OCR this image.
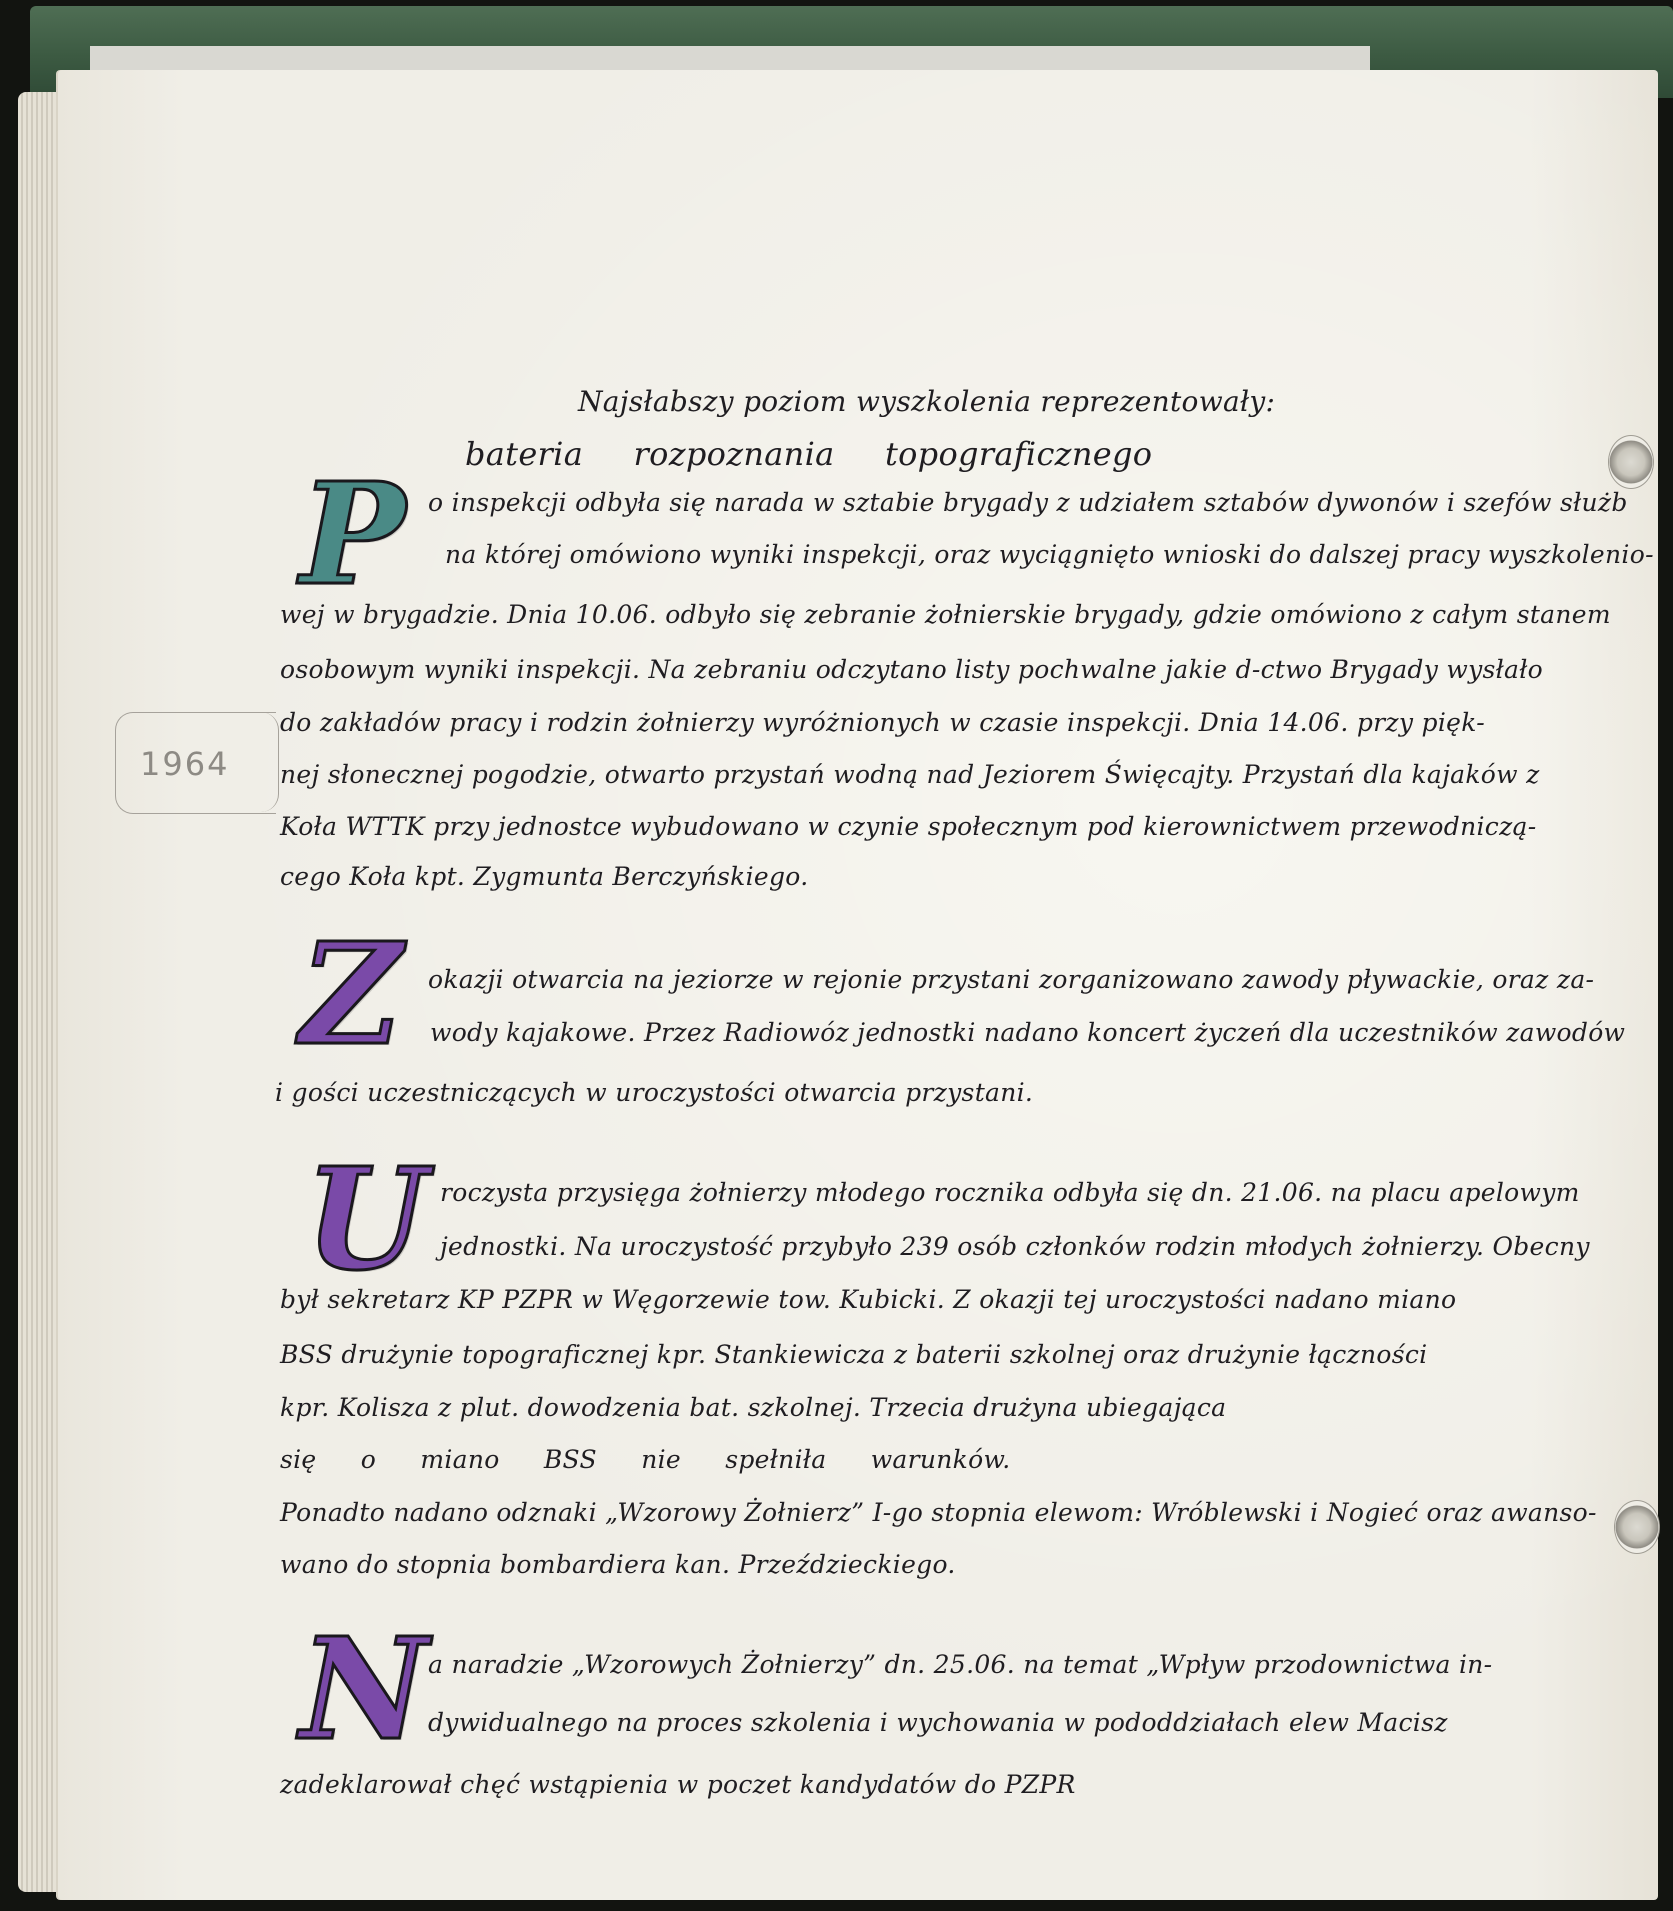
1964
Najsłabszy poziom wyszkolenia reprezentowały:
bateria rozpoznania topograficznego
P o inspekcji odbyła się narada w sztabie brygady z udziałem sztabów dywonów i szefów służb
na której omówiono wyniki inspekcji, oraz wyciągnięto wnioski do dalszej pracy wyszkolenio-
wej w brygadzie. Dnia 10.06. odbyło się zebranie żołnierskie brygady, gdzie omówiono z całym stanem
osobowym wyniki inspekcji. Na zebraniu odczytano listy pochwalne jakie d-ctwo Brygady wysłało
do zakładów pracy i rodzin żołnierzy wyróżnionych w czasie inspekcji. Dnia 14.06. przy pięk-
nej słonecznej pogodzie, otwarto przystań wodną nad Jeziorem Święcajty. Przystań dla kajaków z
Koła WTTK przy jednostce wybudowano w czynie społecznym pod kierownictwem przewodniczą-
cego Koła kpt. Zygmunta Berczyńskiego.
Z okazji otwarcia na jeziorze w rejonie przystani zorganizowano zawody pływackie, oraz za-
wody kajakowe. Przez Radiowóz jednostki nadano koncert życzeń dla uczestników zawodów
i gości uczestniczących w uroczystości otwarcia przystani.
U roczysta przysięga żołnierzy młodego rocznika odbyła się dn. 21.06. na placu apelowym
jednostki. Na uroczystość przybyło 239 osób członków rodzin młodych żołnierzy. Obecny
był sekretarz KP PZPR w Węgorzewie tow. Kubicki. Z okazji tej uroczystości nadano miano
BSS drużynie topograficznej kpr. Stankiewicza z baterii szkolnej oraz drużynie łączności
kpr. Kolisza z plut. dowodzenia bat. szkolnej. Trzecia drużyna ubiegająca
się o miano BSS nie spełniła warunków.
Ponadto nadano odznaki „Wzorowy Żołnierz” I-go stopnia elewom: Wróblewski i Nogieć oraz awanso-
wano do stopnia bombardiera kan. Przeździeckiego.
N a naradzie „Wzorowych Żołnierzy” dn. 25.06. na temat „Wpływ przodownictwa in-
dywidualnego na proces szkolenia i wychowania w pododdziałach elew Macisz
zadeklarował chęć wstąpienia w poczet kandydatów do PZPR
